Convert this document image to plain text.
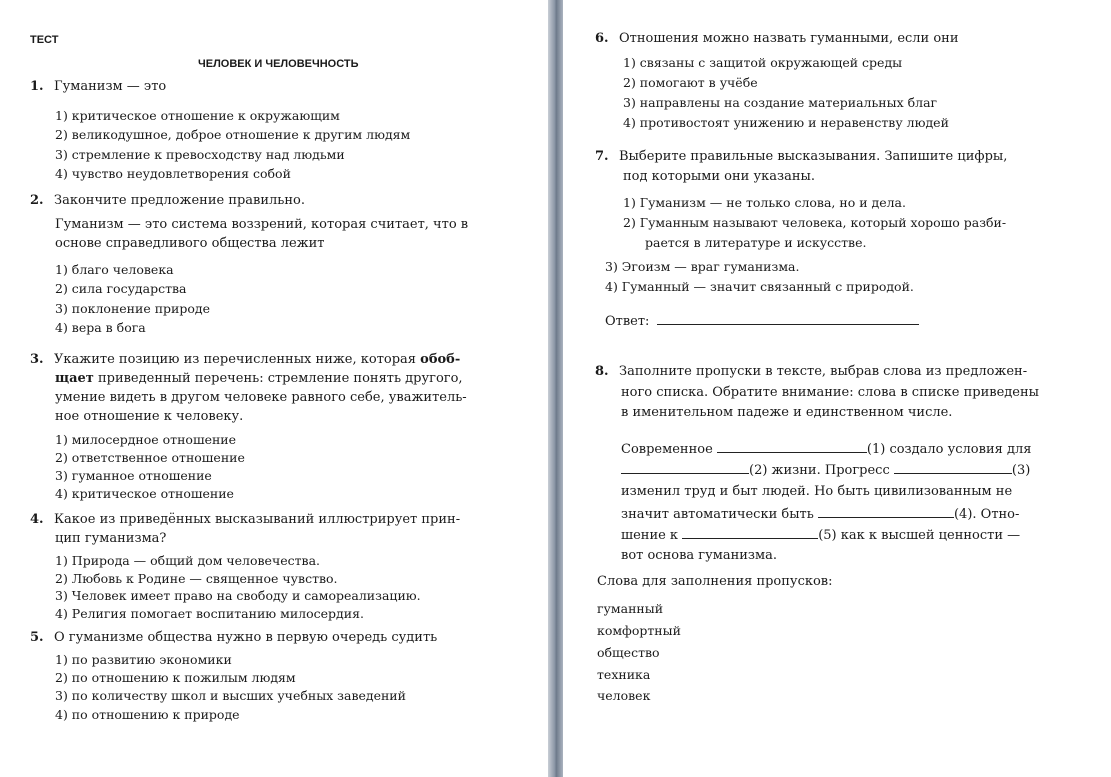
ТЕСТ
ЧЕЛОВЕК И ЧЕЛОВЕЧНОСТЬ
1. Гуманизм — это
1) критическое отношение к окружающим
2) великодушное, доброе отношение к другим людям
3) стремление к превосходству над людьми
4) чувство неудовлетворения собой
2. Закончите предложение правильно.
Гуманизм — это система воззрений, которая считает, что в
основе справедливого общества лежит
1) благо человека
2) сила государства
3) поклонение природе
4) вера в бога
3. Укажите позицию из перечисленных ниже, которая обоб-
щает приведенный перечень: стремление понять другого,
умение видеть в другом человеке равного себе, уважитель-
ное отношение к человеку.
1) милосердное отношение
2) ответственное отношение
3) гуманное отношение
4) критическое отношение
4. Какое из приведённых высказываний иллюстрирует прин-
цип гуманизма?
1) Природа — общий дом человечества.
2) Любовь к Родине — священное чувство.
3) Человек имеет право на свободу и самореализацию.
4) Религия помогает воспитанию милосердия.
5. О гуманизме общества нужно в первую очередь судить
1) по развитию экономики
2) по отношению к пожилым людям
3) по количеству школ и высших учебных заведений
4) по отношению к природе
6. Отношения можно назвать гуманными, если они
1) связаны с защитой окружающей среды
2) помогают в учёбе
3) направлены на создание материальных благ
4) противостоят унижению и неравенству людей
7. Выберите правильные высказывания. Запишите цифры,
под которыми они указаны.
1) Гуманизм — не только слова, но и дела.
2) Гуманным называют человека, который хорошо разби-
рается в литературе и искусстве.
3) Эгоизм — враг гуманизма.
4) Гуманный — значит связанный с природой.
Ответ:
8. Заполните пропуски в тексте, выбрав слова из предложен-
ного списка. Обратите внимание: слова в списке приведены
в именительном падеже и единственном числе.
Современное	(1) создало условия для
(2) жизни. Прогресс	(3)
изменил труд и быт людей. Но быть цивилизованным не
значит автоматически быть	(4). Отно-
шение к	(5) как к высшей ценности —
вот основа гуманизма.
Слова для заполнения пропусков:
гуманный
комфортный
общество
техника
человек
